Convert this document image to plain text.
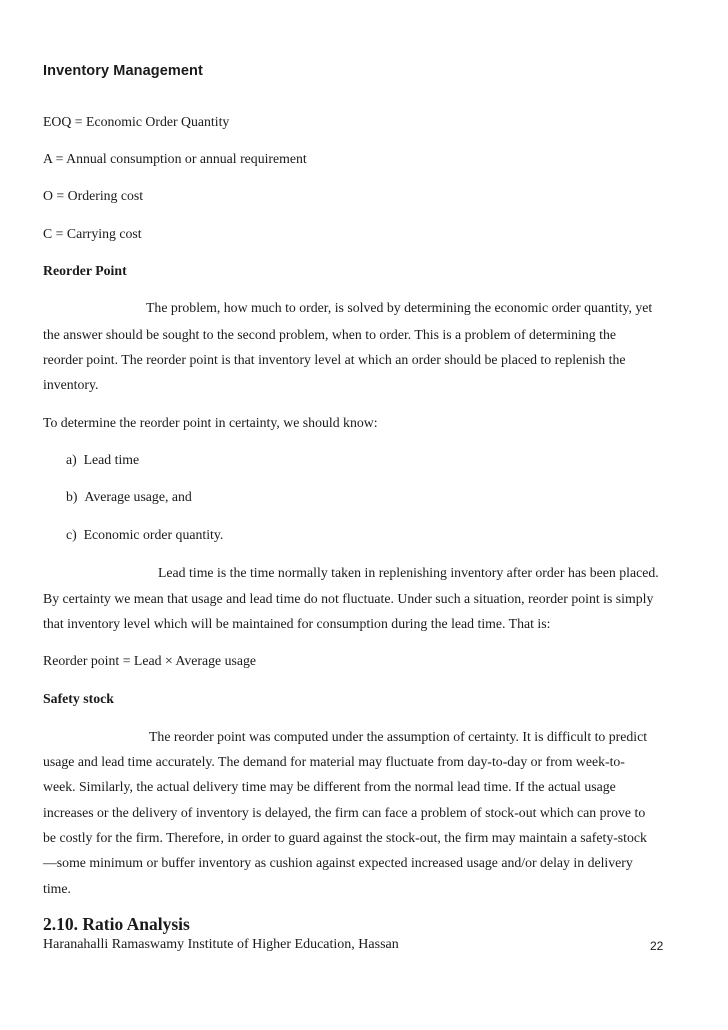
Inventory Management
EOQ = Economic Order Quantity
A = Annual consumption or annual requirement
O = Ordering cost
C = Carrying cost
Reorder Point
The problem, how much to order, is solved by determining the economic order quantity, yet
the answer should be sought to the second problem, when to order. This is a problem of determining the
reorder point. The reorder point is that inventory level at which an order should be placed to replenish the
inventory.
To determine the reorder point in certainty, we should know:
a)  Lead time
b)  Average usage, and
c)  Economic order quantity.
Lead time is the time normally taken in replenishing inventory after order has been placed.
By certainty we mean that usage and lead time do not fluctuate. Under such a situation, reorder point is simply
that inventory level which will be maintained for consumption during the lead time. That is:
Reorder point = Lead × Average usage
Safety stock
The reorder point was computed under the assumption of certainty. It is difficult to predict
usage and lead time accurately. The demand for material may fluctuate from day-to-day or from week-to-
week. Similarly, the actual delivery time may be different from the normal lead time. If the actual usage
increases or the delivery of inventory is delayed, the firm can face a problem of stock-out which can prove to
be costly for the firm. Therefore, in order to guard against the stock-out, the firm may maintain a safety-stock
—some minimum or buffer inventory as cushion against expected increased usage and/or delay in delivery
time.
2.10. Ratio Analysis
Haranahalli Ramaswamy Institute of Higher Education, Hassan	22
